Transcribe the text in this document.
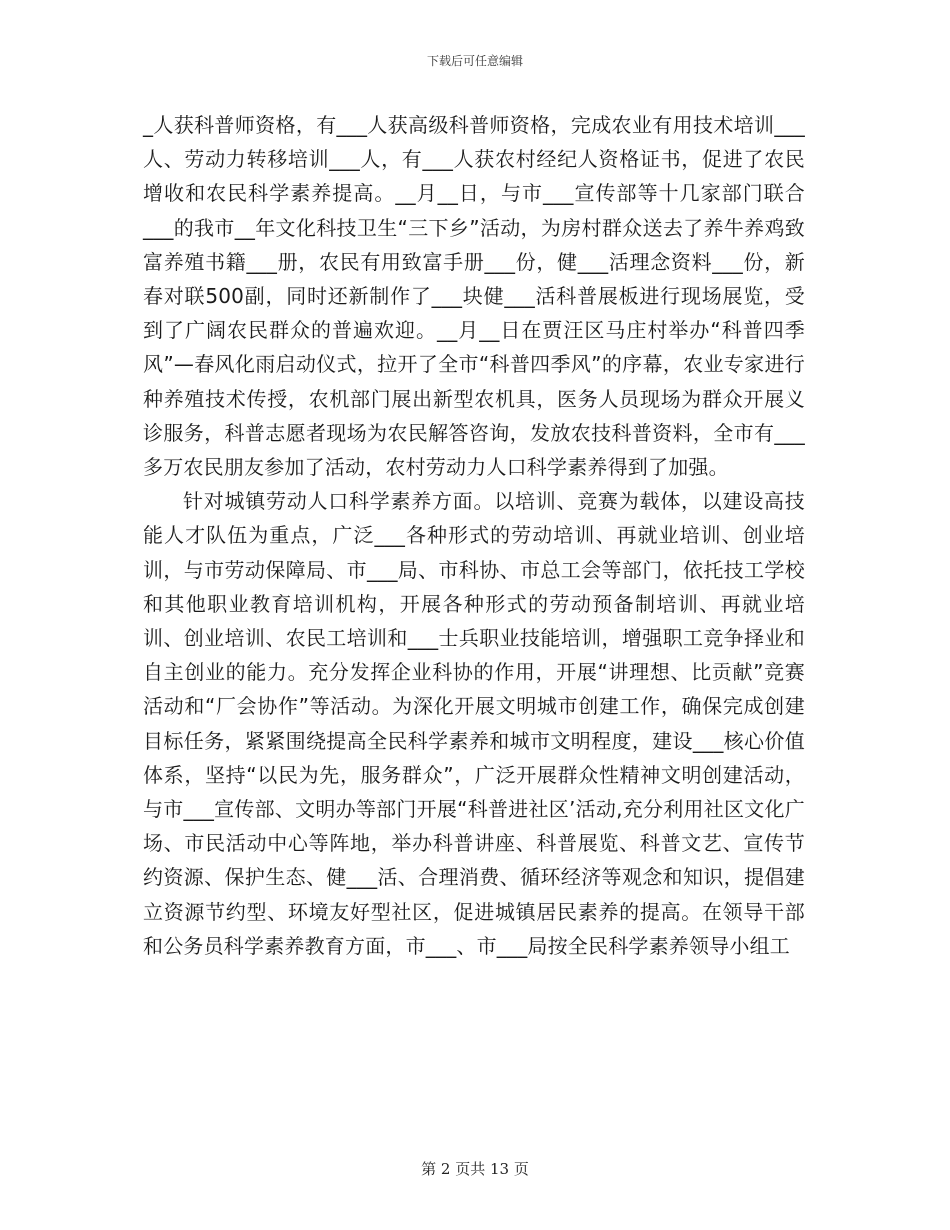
下载后可任意编辑

_人获科普师资格，有___人获高级科普师资格，完成农业有用技术培训___人、劳动力转移培训___人，有___人获农村经纪人资格证书，促进了农民增收和农民科学素养提高。__月__日，与市___宣传部等十几家部门联合___的我市__年文化科技卫生“三下乡”活动，为房村群众送去了养牛养鸡致富养殖书籍___册，农民有用致富手册___份，健___活理念资料___份，新春对联500副，同时还新制作了___块健___活科普展板进行现场展览，受到了广阔农民群众的普遍欢迎。__月__日在贾汪区马庄村举办“科普四季风”—春风化雨启动仪式，拉开了全市“科普四季风”的序幕，农业专家进行种养殖技术传授，农机部门展出新型农机具，医务人员现场为群众开展义诊服务，科普志愿者现场为农民解答咨询，发放农技科普资料，全市有___多万农民朋友参加了活动，农村劳动力人口科学素养得到了加强。

针对城镇劳动人口科学素养方面。以培训、竞赛为载体，以建设高技能人才队伍为重点，广泛___各种形式的劳动培训、再就业培训、创业培训，与市劳动保障局、市___局、市科协、市总工会等部门，依托技工学校和其他职业教育培训机构，开展各种形式的劳动预备制培训、再就业培训、创业培训、农民工培训和___士兵职业技能培训，增强职工竞争择业和自主创业的能力。充分发挥企业科协的作用，开展“讲理想、比贡献”竞赛活动和“厂会协作”等活动。为深化开展文明城市创建工作，确保完成创建目标任务，紧紧围绕提高全民科学素养和城市文明程度，建设___核心价值体系，坚持“以民为先，服务群众”，广泛开展群众性精神文明创建活动，与市___宣传部、文明办等部门开展“科普进社区’活动,充分利用社区文化广场、市民活动中心等阵地，举办科普讲座、科普展览、科普文艺、宣传节约资源、保护生态、健___活、合理消费、循环经济等观念和知识，提倡建立资源节约型、环境友好型社区，促进城镇居民素养的提高。在领导干部和公务员科学素养教育方面，市___、市___局按全民科学素养领导小组工

第 2 页共 13 页
